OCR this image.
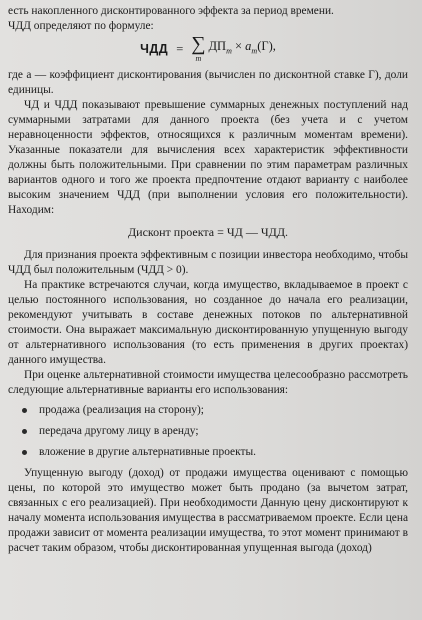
есть накопленного дисконтированного эффекта за период времени.

ЧДД определяют по формуле:

ЧДД = ∑
m
$ДП_m \times a_m(Г)$,

где a — коэффициент дисконтирования (вычислен по дисконтной ставке Г), доли единицы.

ЧД и ЧДД показывают превышение суммарных денежных поступлений над суммарными затратами для данного проекта (без учета и с учетом неравноценности эффектов, относящихся к различным моментам времени). Указанные показатели для вычисления всех характеристик эффективности должны быть положительными. При сравнении по этим параметрам различных вариантов одного и того же проекта предпочтение отдают варианту с наиболее высоким значением ЧДД (при выполнении условия его положительности). Находим:

Дисконт проекта = ЧД — ЧДД.

Для признания проекта эффективным с позиции инвестора необходимо, чтобы ЧДД был положительным (ЧДД > 0).

На практике встречаются случаи, когда имущество, вкладываемое в проект с целью постоянного использования, но созданное до начала его реализации, рекомендуют учитывать в составе денежных потоков по альтернативной стоимости. Она выражает максимальную дисконтированную упущенную выгоду от альтернативного использования (то есть применения в других проектах) данного имущества.

При оценке альтернативной стоимости имущества целесообразно рассмотреть следующие альтернативные варианты его использования:

продажа (реализация на сторону);
передача другому лицу в аренду;
вложение в другие альтернативные проекты.

Упущенную выгоду (доход) от продажи имущества оценивают с помощью цены, по которой это имущество может быть продано (за вычетом затрат, связанных с его реализацией). При необходимости Данную цену дисконтируют к началу момента использования имущества в рассматриваемом проекте. Если цена продажи зависит от момента реализации имущества, то этот момент принимают в расчет таким образом, чтобы дисконтированная упущенная выгода (доход)
